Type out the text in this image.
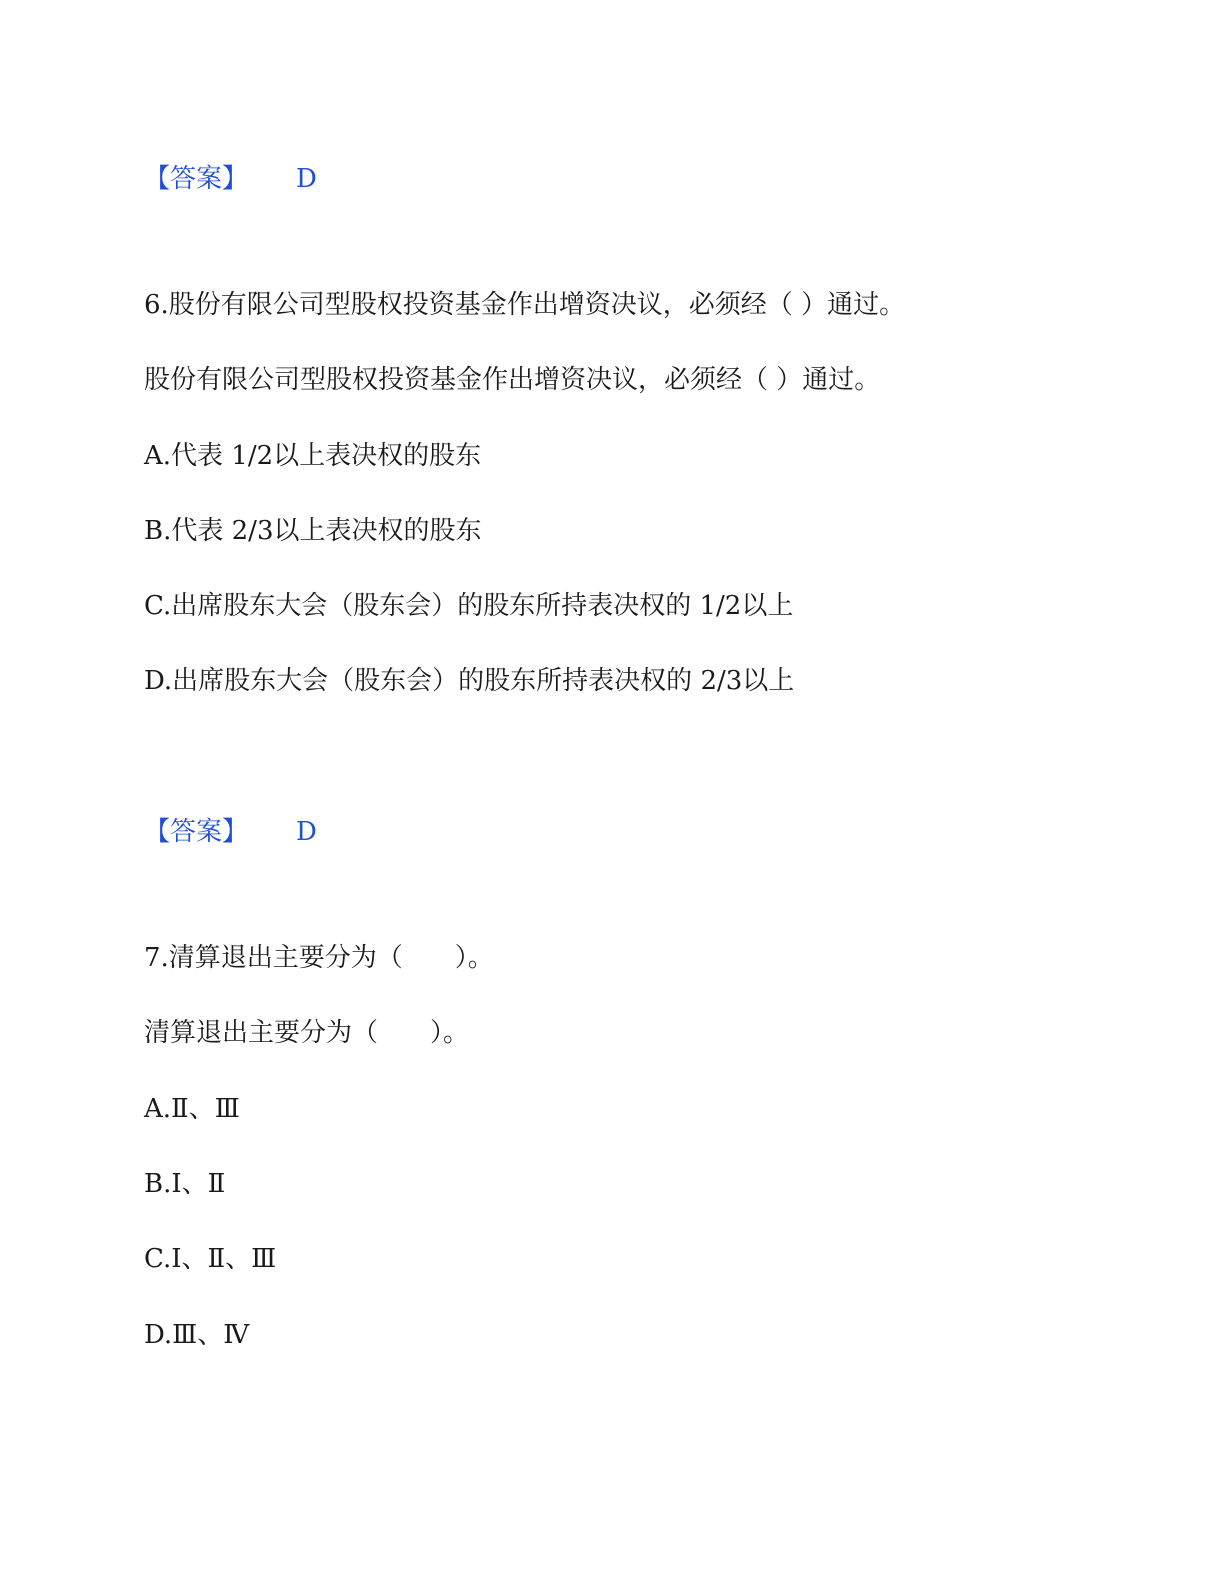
【答案】 D
6.股份有限公司型股权投资基金作出增资决议，必须经（ ）通过。
股份有限公司型股权投资基金作出增资决议，必须经（ ）通过。
A.代表 1/2以上表决权的股东
B.代表 2/3以上表决权的股东
C.出席股东大会（股东会）的股东所持表决权的 1/2以上
D.出席股东大会（股东会）的股东所持表决权的 2/3以上
【答案】 D
7.清算退出主要分为（　　）。
清算退出主要分为（　　）。
A.Ⅱ、Ⅲ
B.Ⅰ、Ⅱ
C.Ⅰ、Ⅱ、Ⅲ
D.Ⅲ、Ⅳ
